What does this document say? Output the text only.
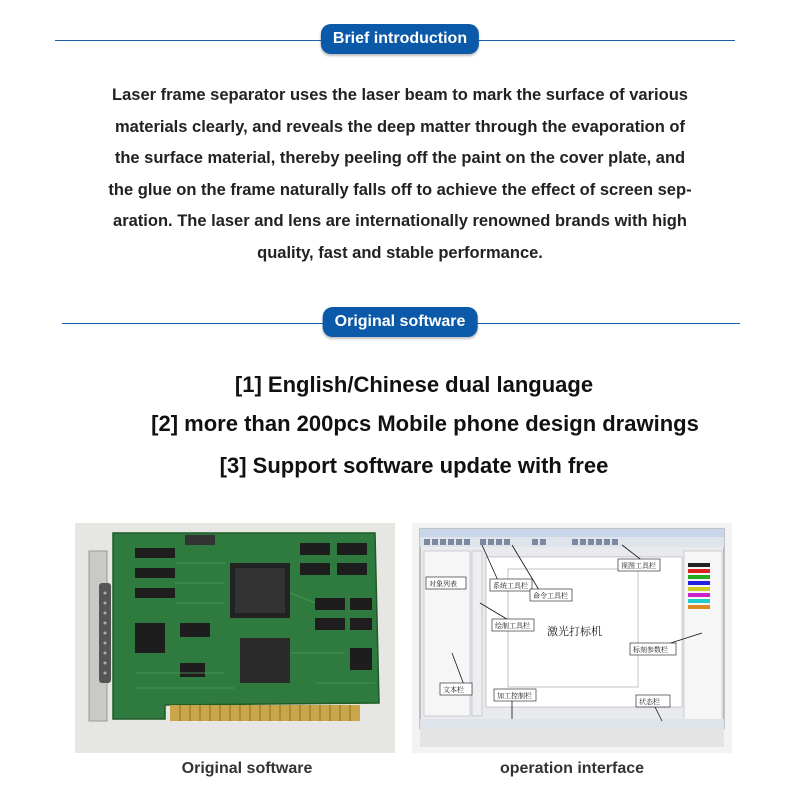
Brief introduction
Laser frame separator uses the laser beam to mark the surface of various
materials clearly, and reveals the deep matter through the evaporation of
the surface material, thereby peeling off the paint on the cover plate, and
the glue on the frame naturally falls off to achieve the effect of screen sep-
aration. The laser and lens are internationally renowned brands with high
quality, fast and stable performance.
Original software
[1] English/Chinese dual language
[2] more than 200pcs Mobile phone design drawings
[3] Support software update with free
对象列表	系统工具栏
命令工具栏
视图工具栏
绘制工具栏
标刻参数栏
文本栏
加工控制栏
状态栏
激光打标机
Original software	operation interface
